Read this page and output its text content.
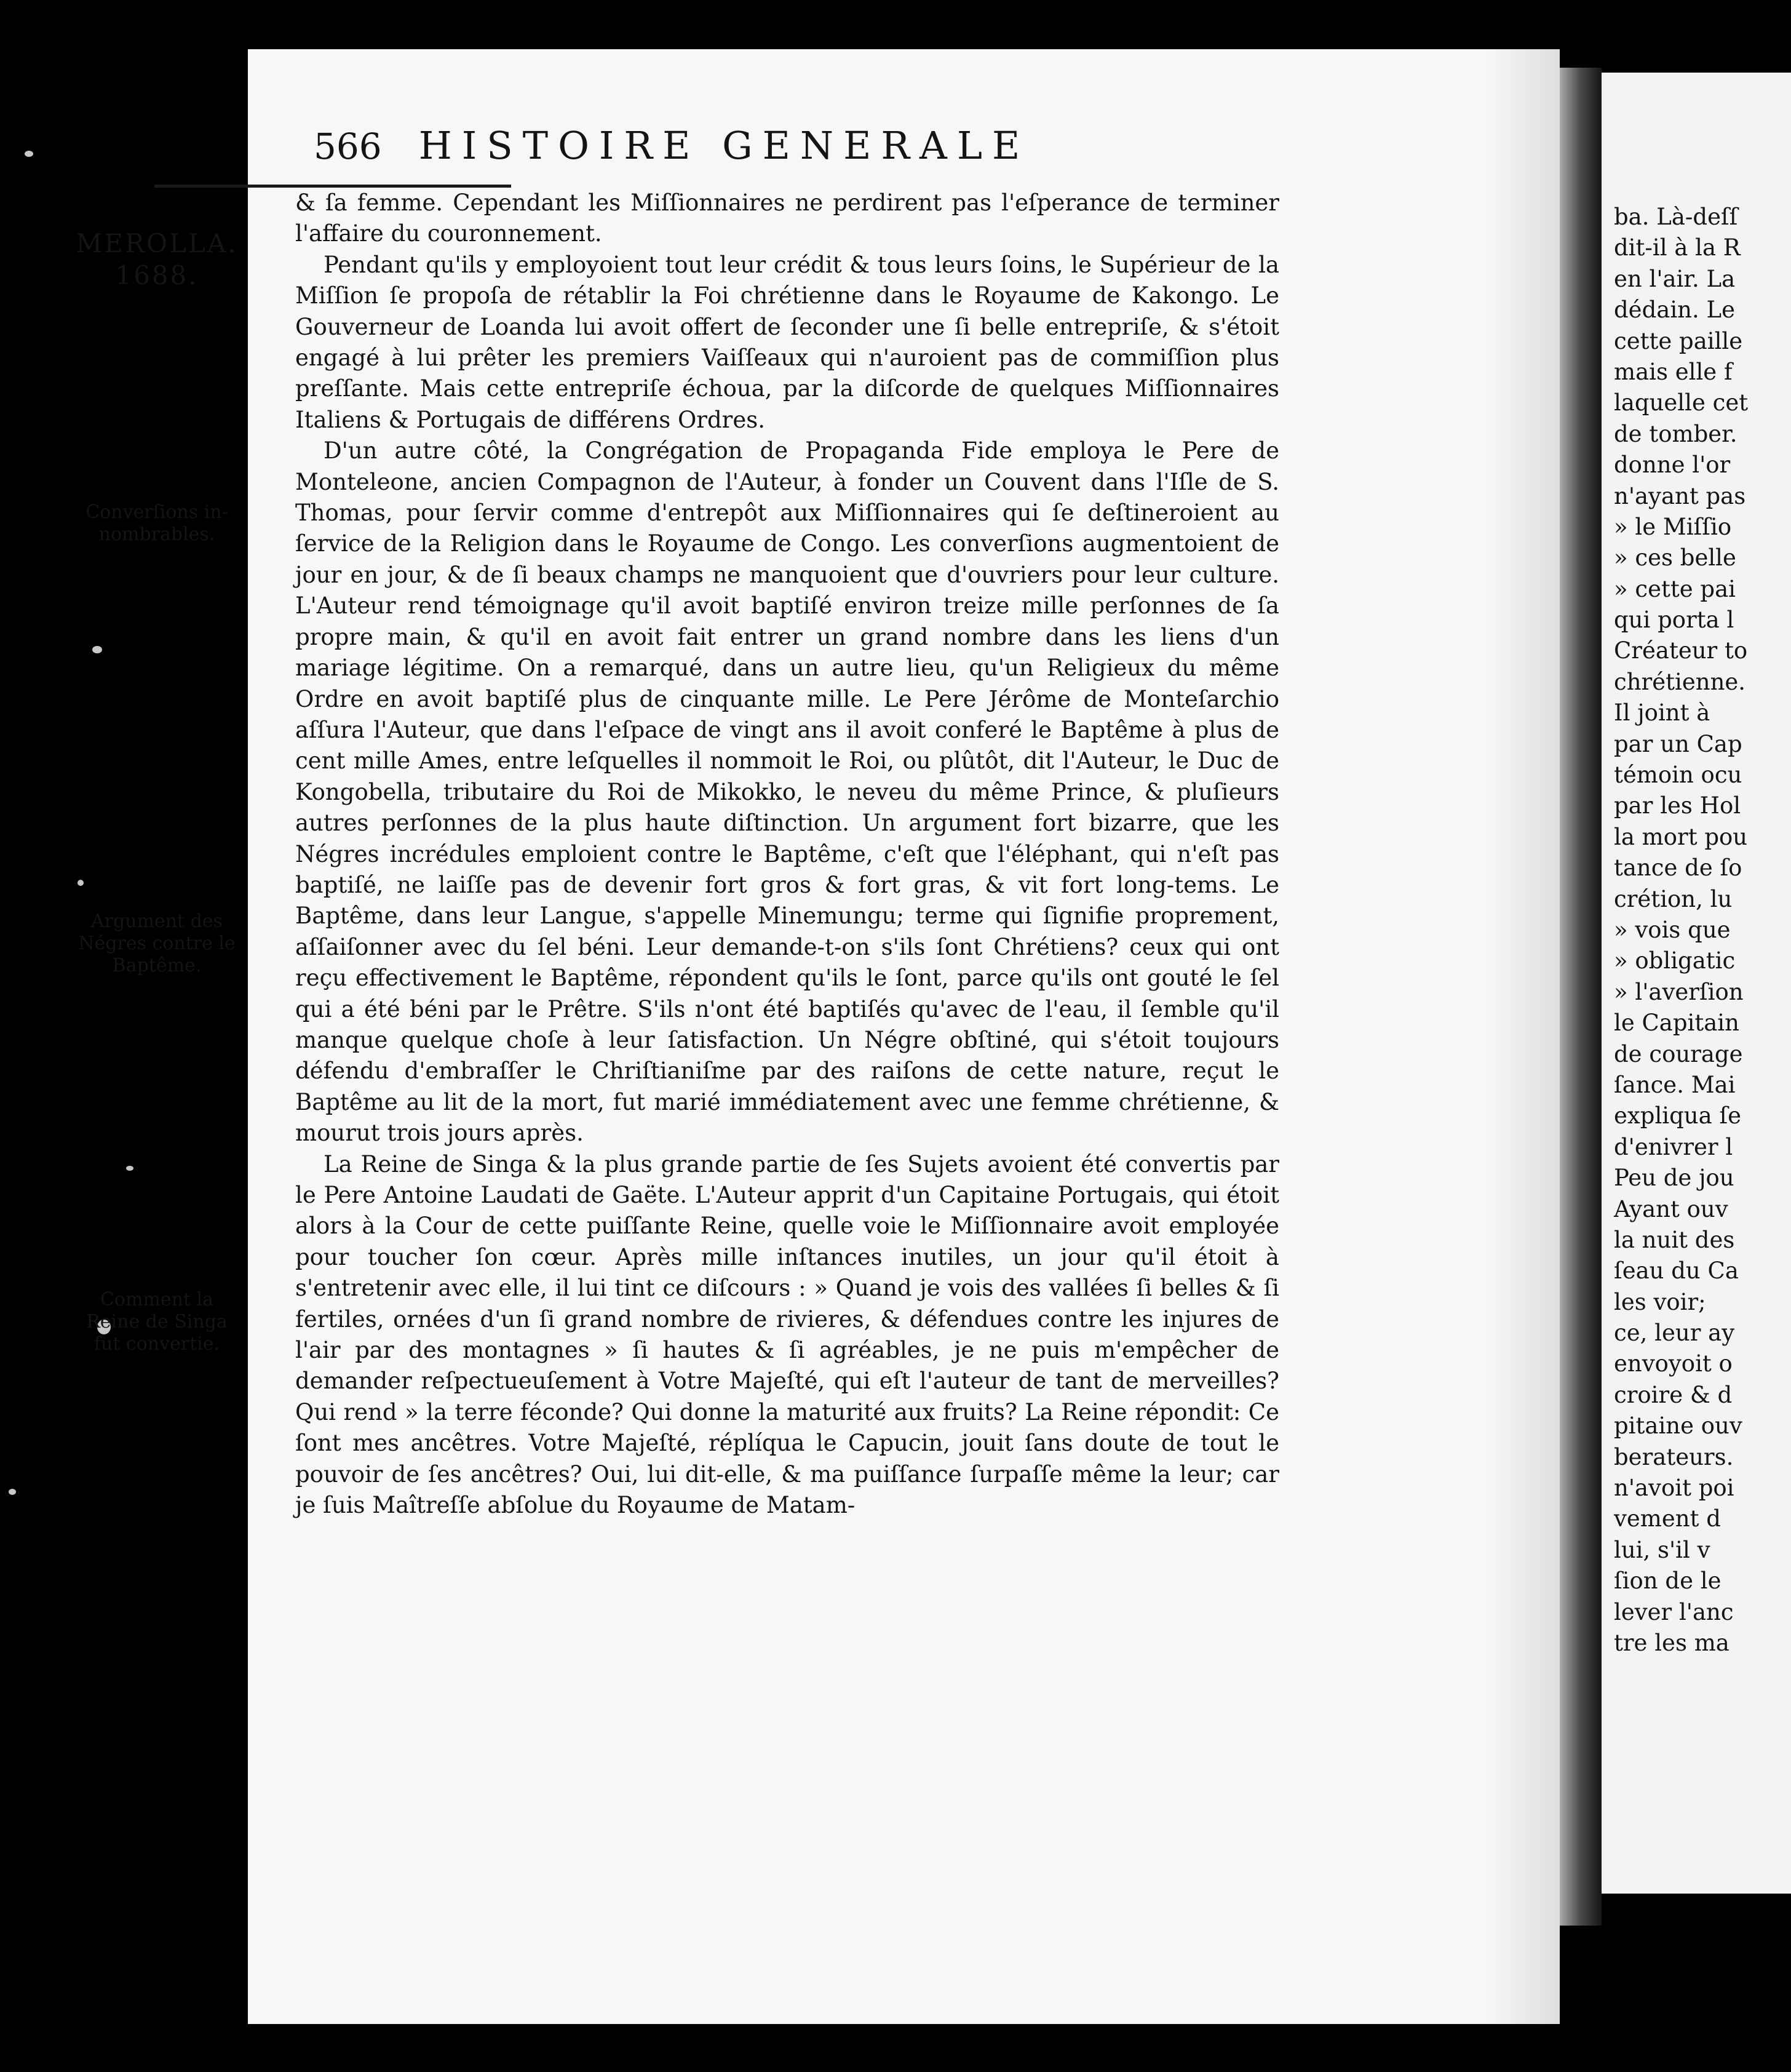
ba. Là-deſſ
dit-il à la R
en l'air. La
dédain. Le
cette paille
mais elle f
laquelle cet
de tomber.
donne l'or
n'ayant pas
» le Miſſio
» ces belle
» cette pai
qui porta l
Créateur to
chrétienne.
Il joint à
par un Cap
témoin ocu
par les Hol
la mort pou
tance de ſo
crétion, lu
» vois que
» obligatic
» l'averſion
le Capitain
de courage
ſance. Mai
expliqua ſe
d'enivrer l
Peu de jou
Ayant ouv
la nuit des
ſeau du Ca
les voir;
ce, leur ay
envoyoit o
croire & d
pitaine ouv
berateurs.
n'avoit poi
vement d
lui, s'il v
ſion de le
lever l'anc
tre les ma
566 HISTOIRE GENERALE
MEROLLA.
1688.
Converſions in-
nombrables.
Argument des
Négres contre le
Baptême.
Comment la
Reine de Singa
fut convertie.

& ſa femme. Cependant les Miſſionnaires ne perdirent pas l'eſperance de terminer l'affaire du couronnement.

Pendant qu'ils y employoient tout leur crédit & tous leurs ſoins, le Supérieur de la Miſſion ſe propoſa de rétablir la Foi chrétienne dans le Royaume de Kakongo. Le Gouverneur de Loanda lui avoit offert de ſeconder une ſi belle entrepriſe, & s'étoit engagé à lui prêter les premiers Vaiſſeaux qui n'auroient pas de commiſſion plus preſſante. Mais cette entrepriſe échoua, par la diſcorde de quelques Miſſionnaires Italiens & Portugais de différens Ordres.

D'un autre côté, la Congrégation de Propaganda Fide employa le Pere de Monteleone, ancien Compagnon de l'Auteur, à fonder un Couvent dans l'Iſle de S. Thomas, pour ſervir comme d'entrepôt aux Miſſionnaires qui ſe deſtineroient au ſervice de la Religion dans le Royaume de Congo. Les converſions augmentoient de jour en jour, & de ſi beaux champs ne manquoient que d'ouvriers pour leur culture. L'Auteur rend témoignage qu'il avoit baptiſé environ treize mille perſonnes de ſa propre main, & qu'il en avoit fait entrer un grand nombre dans les liens d'un mariage légitime. On a remarqué, dans un autre lieu, qu'un Religieux du même Ordre en avoit baptiſé plus de cinquante mille. Le Pere Jérôme de Monteſarchio aſſura l'Auteur, que dans l'eſpace de vingt ans il avoit conferé le Baptême à plus de cent mille Ames, entre leſquelles il nommoit le Roi, ou plûtôt, dit l'Auteur, le Duc de Kongobella, tributaire du Roi de Mikokko, le neveu du même Prince, & pluſieurs autres perſonnes de la plus haute diſtinction. Un argument fort bizarre, que les Négres incrédules emploient contre le Baptême, c'eſt que l'éléphant, qui n'eſt pas baptiſé, ne laiſſe pas de devenir fort gros & fort gras, & vit fort long-tems. Le Baptême, dans leur Langue, s'appelle Minemungu; terme qui ſignifie proprement, aſſaiſonner avec du ſel béni. Leur demande-t-on s'ils ſont Chrétiens? ceux qui ont reçu effectivement le Baptême, répondent qu'ils le ſont, parce qu'ils ont gouté le ſel qui a été béni par le Prêtre. S'ils n'ont été baptiſés qu'avec de l'eau, il ſemble qu'il manque quelque choſe à leur ſatisfaction. Un Négre obſtiné, qui s'étoit toujours défendu d'embraſſer le Chriſtianiſme par des raiſons de cette nature, reçut le Baptême au lit de la mort, fut marié immédiatement avec une femme chrétienne, & mourut trois jours après.

La Reine de Singa & la plus grande partie de ſes Sujets avoient été convertis par le Pere Antoine Laudati de Gaëte. L'Auteur apprit d'un Capitaine Portugais, qui étoit alors à la Cour de cette puiſſante Reine, quelle voie le Miſſionnaire avoit employée pour toucher ſon cœur. Après mille inſtances inutiles, un jour qu'il étoit à s'entretenir avec elle, il lui tint ce diſcours : » Quand je vois des vallées ſi belles & ſi fertiles, ornées d'un ſi grand nombre de rivieres, & défendues contre les injures de l'air par des montagnes » ſi hautes & ſi agréables, je ne puis m'empêcher de demander reſpectueuſement à Votre Majeſté, qui eſt l'auteur de tant de merveilles? Qui rend » la terre féconde? Qui donne la maturité aux fruits? La Reine répondit: Ce ſont mes ancêtres. Votre Majeſté, réplíqua le Capucin, jouit ſans doute de tout le pouvoir de ſes ancêtres? Oui, lui dit-elle, & ma puiſſance ſurpaſſe même la leur; car je ſuis Maîtreſſe abſolue du Royaume de Matam-
